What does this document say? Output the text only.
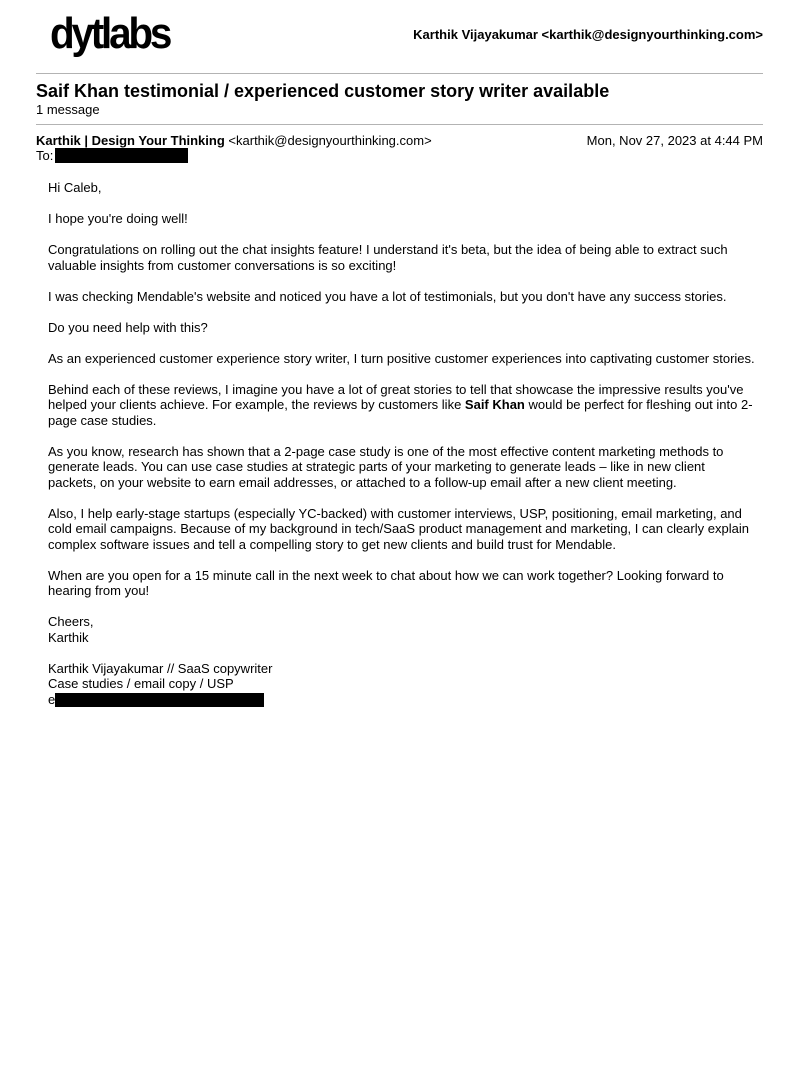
dytlabs	Karthik Vijayakumar <karthik@designyourthinking.com>
Saif Khan testimonial / experienced customer story writer available
1 message
Karthik | Design Your Thinking <karthik@designyourthinking.com>	Mon, Nov 27, 2023 at 4:44 PM
To:

Hi Caleb,

I hope you're doing well!

Congratulations on rolling out the chat insights feature! I understand it's beta, but the idea of being able to extract such valuable insights from customer conversations is so exciting!

I was checking Mendable's website and noticed you have a lot of testimonials, but you don't have any success stories.

Do you need help with this?

As an experienced customer experience story writer, I turn positive customer experiences into captivating customer stories.

Behind each of these reviews, I imagine you have a lot of great stories to tell that showcase the impressive results you've helped your clients achieve. For example, the reviews by customers like Saif Khan would be perfect for fleshing out into 2-page case studies.

As you know, research has shown that a 2-page case study is one of the most effective content marketing methods to generate leads. You can use case studies at strategic parts of your marketing to generate leads – like in new client packets, on your website to earn email addresses, or attached to a follow-up email after a new client meeting.

Also, I help early-stage startups (especially YC-backed) with customer interviews, USP, positioning, email marketing, and cold email campaigns. Because of my background in tech/SaaS product management and marketing, I can clearly explain complex software issues and tell a compelling story to get new clients and build trust for Mendable.

When are you open for a 15 minute call in the next week to chat about how we can work together? Looking forward to hearing from you!

Cheers,
Karthik

Karthik Vijayakumar // SaaS copywriter
Case studies / email copy / USP
e
